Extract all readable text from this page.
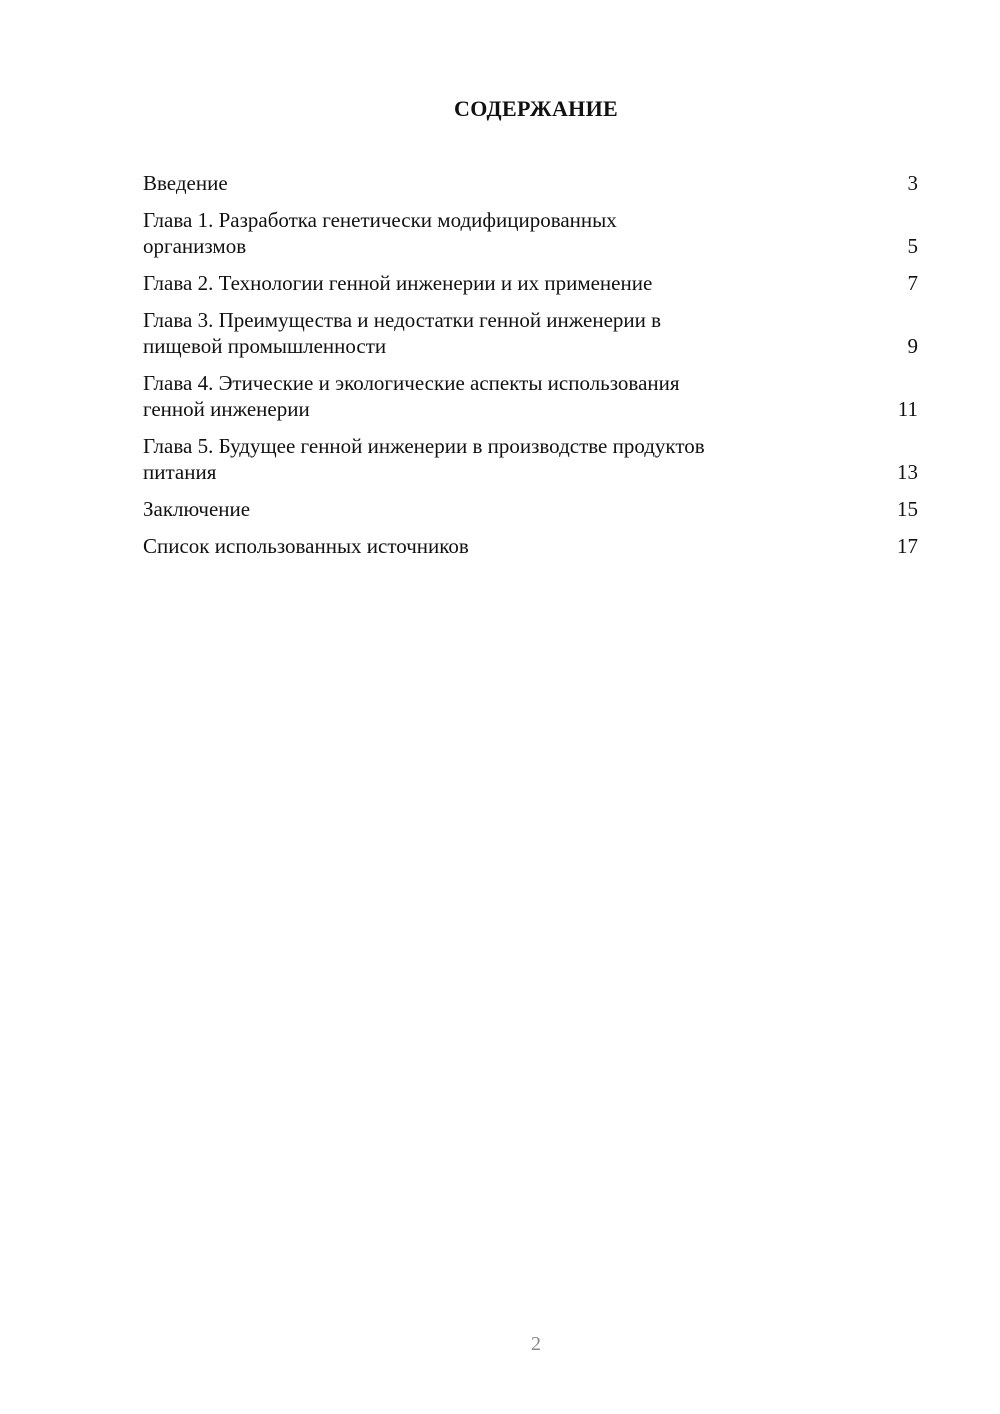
СОДЕРЖАНИЕ
Введение	3
Глава 1. Разработка генетически модифицированных
организмов	5
Глава 2. Технологии генной инженерии и их применение	7
Глава 3. Преимущества и недостатки генной инженерии в
пищевой промышленности	9
Глава 4. Этические и экологические аспекты использования
генной инженерии	11
Глава 5. Будущее генной инженерии в производстве продуктов
питания	13
Заключение	15
Список использованных источников	17
2
